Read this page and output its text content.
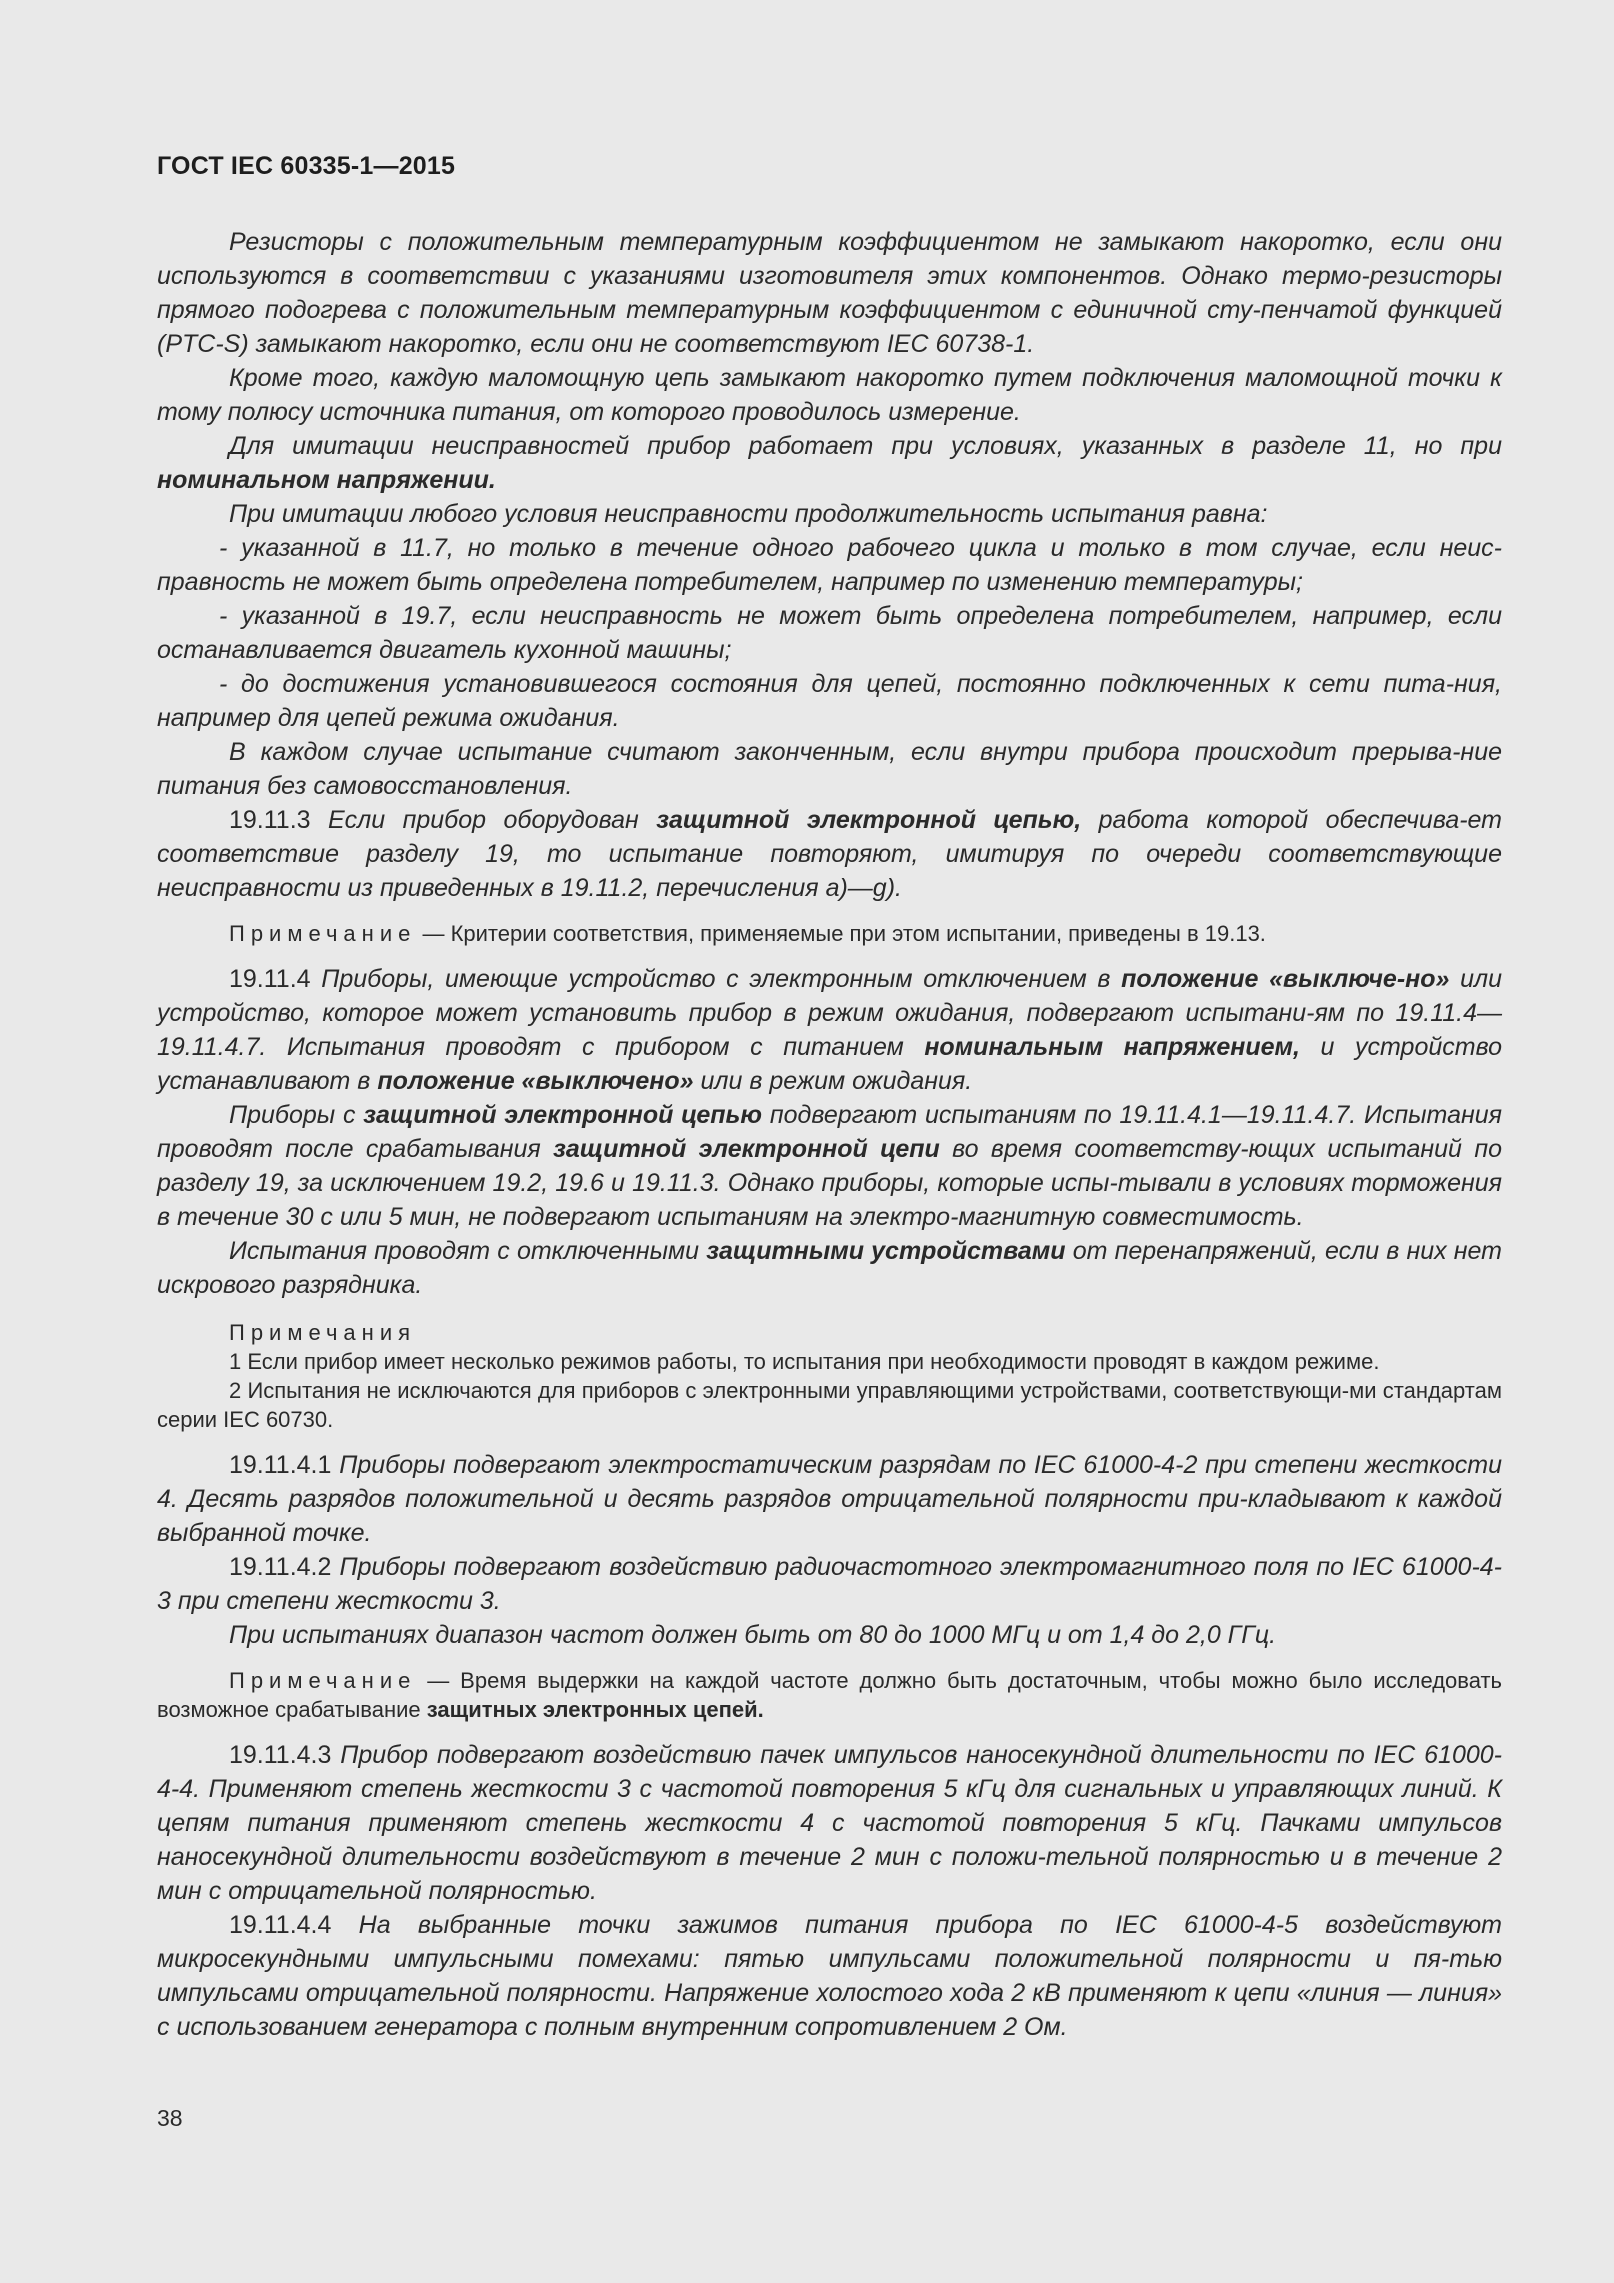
ГОСТ IEC 60335-1—2015

Резисторы с положительным температурным коэффициентом не замыкают накоротко, если они используются в соответствии с указаниями изготовителя этих компонентов. Однако термо-резисторы прямого подогрева с положительным температурным коэффициентом с единичной сту-пенчатой функцией (PTC-S) замыкают накоротко, если они не соответствуют IEC 60738-1.

Кроме того, каждую маломощную цепь замыкают накоротко путем подключения маломощной точки к тому полюсу источника питания, от которого проводилось измерение.

Для имитации неисправностей прибор работает при условиях, указанных в разделе 11, но при номинальном напряжении.

При имитации любого условия неисправности продолжительность испытания равна:

- указанной в 11.7, но только в течение одного рабочего цикла и только в том случае, если неис-правность не может быть определена потребителем, например по изменению температуры;

- указанной в 19.7, если неисправность не может быть определена потребителем, например, если останавливается двигатель кухонной машины;

- до достижения установившегося состояния для цепей, постоянно подключенных к сети пита-ния, например для цепей режима ожидания.

В каждом случае испытание считают законченным, если внутри прибора происходит прерыва-ние питания без самовосстановления.

19.11.3 Если прибор оборудован защитной электронной цепью, работа которой обеспечива-ет соответствие разделу 19, то испытание повторяют, имитируя по очереди соответствующие неисправности из приведенных в 19.11.2, перечисления a)—g).

Примечание — Критерии соответствия, применяемые при этом испытании, приведены в 19.13.

19.11.4 Приборы, имеющие устройство с электронным отключением в положение «выключе-но» или устройство, которое может установить прибор в режим ожидания, подвергают испытани-ям по 19.11.4—19.11.4.7. Испытания проводят с прибором с питанием номинальным напряжением, и устройство устанавливают в положение «выключено» или в режим ожидания.

Приборы с защитной электронной цепью подвергают испытаниям по 19.11.4.1—19.11.4.7. Испытания проводят после срабатывания защитной электронной цепи во время соответству-ющих испытаний по разделу 19, за исключением 19.2, 19.6 и 19.11.3. Однако приборы, которые испы-тывали в условиях торможения в течение 30 с или 5 мин, не подвергают испытаниям на электро-магнитную совместимость.

Испытания проводят с отключенными защитными устройствами от перенапряжений, если в них нет искрового разрядника.

Примечания

1 Если прибор имеет несколько режимов работы, то испытания при необходимости проводят в каждом режиме.

2 Испытания не исключаются для приборов с электронными управляющими устройствами, соответствующи-ми стандартам серии IEC 60730.

19.11.4.1 Приборы подвергают электростатическим разрядам по IEC 61000-4-2 при степени жесткости 4. Десять разрядов положительной и десять разрядов отрицательной полярности при-кладывают к каждой выбранной точке.

19.11.4.2 Приборы подвергают воздействию радиочастотного электромагнитного поля по IEC 61000-4-3 при степени жесткости 3.

При испытаниях диапазон частот должен быть от 80 до 1000 МГц и от 1,4 до 2,0 ГГц.

Примечание — Время выдержки на каждой частоте должно быть достаточным, чтобы можно было исследовать возможное срабатывание защитных электронных цепей.

19.11.4.3 Прибор подвергают воздействию пачек импульсов наносекундной длительности по IEC 61000-4-4. Применяют степень жесткости 3 с частотой повторения 5 кГц для сигнальных и управляющих линий. К цепям питания применяют степень жесткости 4 с частотой повторения 5 кГц. Пачками импульсов наносекундной длительности воздействуют в течение 2 мин с положи-тельной полярностью и в течение 2 мин с отрицательной полярностью.

19.11.4.4 На выбранные точки зажимов питания прибора по IEC 61000-4-5 воздействуют микросекундными импульсными помехами: пятью импульсами положительной полярности и пя-тью импульсами отрицательной полярности. Напряжение холостого хода 2 кВ применяют к цепи «линия — линия» с использованием генератора с полным внутренним сопротивлением 2 Ом.

38
